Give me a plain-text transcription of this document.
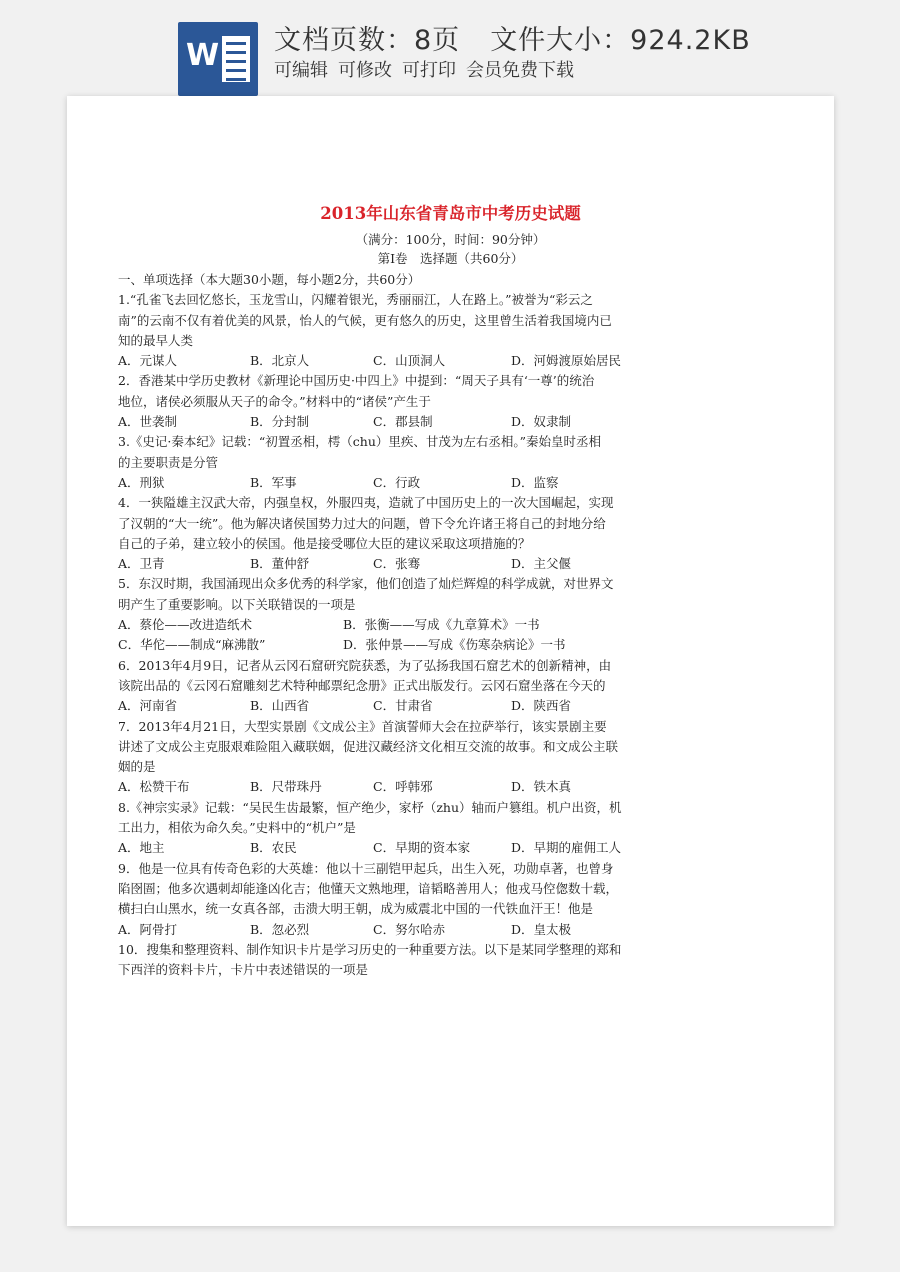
W 文档页数：8页 文件大小：924.2KB
可编辑 可修改 可打印 会员免费下载
2013年山东省青岛市中考历史试题
（满分：100分，时间：90分钟）
第Ⅰ卷　选择题（共60分）

一、单项选择（本大题30小题，每小题2分，共60分）

1.“孔雀飞去回忆悠长，玉龙雪山，闪耀着银光，秀丽丽江，人在路上。”被誉为“彩云之

南”的云南不仅有着优美的风景，怡人的气候，更有悠久的历史，这里曾生活着我国境内已

知的最早人类

A．元谋人	B．北京人	C．山顶洞人	D．河姆渡原始居民

2．香港某中学历史教材《新理论中国历史·中四上》中提到：“周天子具有‘一尊’的统治

地位，诸侯必须服从天子的命令。”材料中的“诸侯”产生于

A．世袭制	B．分封制	C．郡县制	D．奴隶制

3.《史记·秦本纪》记载：“初置丞相，樗（chu）里疾、甘茂为左右丞相。”秦始皇时丞相

的主要职责是分管

A．刑狱	B．军事	C．行政	D．监察

4．一狭隘雄主汉武大帝，内强皇权，外服四夷，造就了中国历史上的一次大国崛起，实现

了汉朝的“大一统”。他为解决诸侯国势力过大的问题，曾下令允许诸王将自己的封地分给

自己的子弟，建立较小的侯国。他是接受哪位大臣的建议采取这项措施的？

A．卫青	B．董仲舒	C．张骞	D．主父偃

5．东汉时期，我国涌现出众多优秀的科学家，他们创造了灿烂辉煌的科学成就，对世界文

明产生了重要影响。以下关联错误的一项是

A．蔡伦——改进造纸术	B．张衡——写成《九章算术》一书
C．华佗——制成“麻沸散”	D．张仲景——写成《伤寒杂病论》一书

6．2013年4月9日，记者从云冈石窟研究院获悉，为了弘扬我国石窟艺术的创新精神，由

该院出品的《云冈石窟雕刻艺术特种邮票纪念册》正式出版发行。云冈石窟坐落在今天的

A．河南省	B．山西省	C．甘肃省	D．陕西省

7．2013年4月21日，大型实景剧《文成公主》首演誓师大会在拉萨举行，该实景剧主要

讲述了文成公主克服艰难险阻入藏联姻，促进汉藏经济文化相互交流的故事。和文成公主联

姻的是

A．松赞干布	B．尺带珠丹	C．呼韩邪	D．铁木真

8.《神宗实录》记载：“吴民生齿最繁，恒产绝少，家杼（zhu）轴而户篡组。机户出资，机

工出力，相依为命久矣。”史料中的“机户”是

A．地主	B．农民	C．早期的资本家	D．早期的雇佣工人

9．他是一位具有传奇色彩的大英雄：他以十三副铠甲起兵，出生入死，功勋卓著，也曾身

陷囹圄；他多次遇刺却能逢凶化吉；他懂天文熟地理，谙韬略善用人；他戎马倥偬数十载，

横扫白山黑水，统一女真各部，击溃大明王朝，成为威震北中国的一代铁血汗王！他是

A．阿骨打	B．忽必烈	C．努尔哈赤	D．皇太极

10．搜集和整理资料、制作知识卡片是学习历史的一种重要方法。以下是某同学整理的郑和

下西洋的资料卡片，卡片中表述错误的一项是
